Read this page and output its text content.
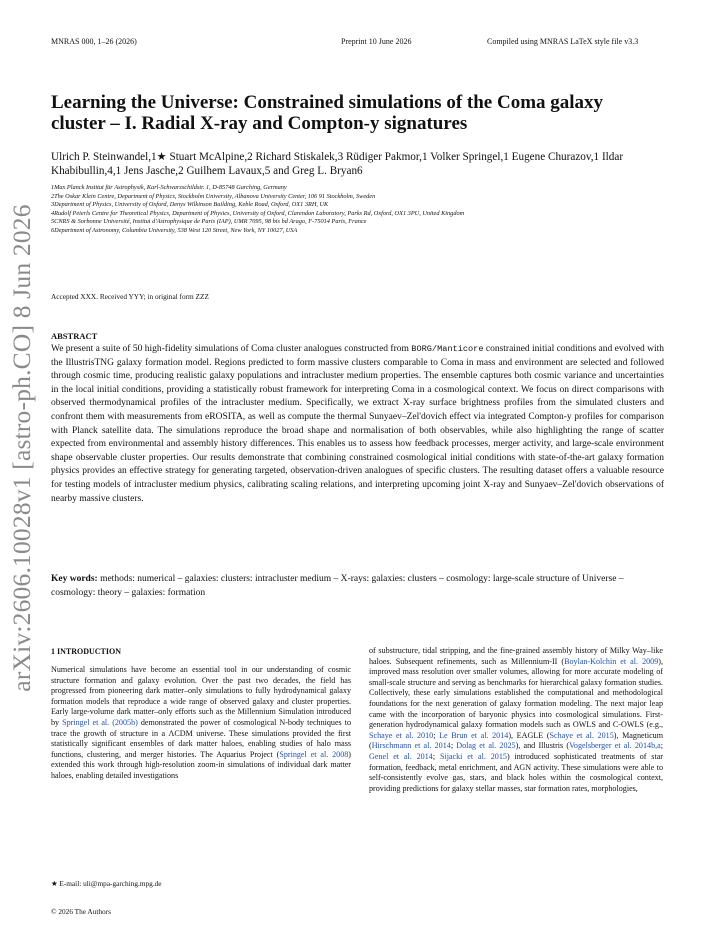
arXiv:2606.10028v1 [astro-ph.CO] 8 Jun 2026
MNRAS 000, 1–26 (2026)	Preprint 10 June 2026	Compiled using MNRAS LaTeX style file v3.3
Learning the Universe: Constrained simulations of the Coma galaxy cluster – I. Radial X-ray and Compton-y signatures
Ulrich P. Steinwandel,1★ Stuart McAlpine,2 Richard Stiskalek,3 Rüdiger Pakmor,1 Volker Springel,1 Eugene Churazov,1 Ildar Khabibullin,4,1 Jens Jasche,2 Guilhem Lavaux,5 and Greg L. Bryan6
1Max Planck Institut für Astrophysik, Karl-Schwarzschildstr. 1, D-85748 Garching, Germany
2The Oskar Klein Centre, Department of Physics, Stockholm University, Albanova University Center, 106 91 Stockholm, Sweden
3Department of Physics, University of Oxford, Denys Wilkinson Building, Keble Road, Oxford, OX1 3RH, UK
4Rudolf Peierls Centre for Theoretical Physics, Department of Physics, University of Oxford, Clarendon Laboratory, Parks Rd, Oxford, OX1 3PU, United Kingdom
5CNRS & Sorbonne Université, Institut d'Astrophysique de Paris (IAP), UMR 7095, 98 bis bd Arago, F-75014 Paris, France
6Department of Astronomy, Columbia University, 538 West 120 Street, New York, NY 10027, USA
Accepted XXX. Received YYY; in original form ZZZ
ABSTRACT
We present a suite of 50 high-fidelity simulations of Coma cluster analogues constructed from BORG/Manticore constrained initial conditions and evolved with the IllustrisTNG galaxy formation model. Regions predicted to form massive clusters comparable to Coma in mass and environment are selected and followed through cosmic time, producing realistic galaxy populations and intracluster medium properties. The ensemble captures both cosmic variance and uncertainties in the local initial conditions, providing a statistically robust framework for interpreting Coma in a cosmological context. We focus on direct comparisons with observed thermodynamical profiles of the intracluster medium. Specifically, we extract X-ray surface brightness profiles from the simulated clusters and confront them with measurements from eROSITA, as well as compute the thermal Sunyaev–Zel'dovich effect via integrated Compton-y profiles for comparison with Planck satellite data. The simulations reproduce the broad shape and normalisation of both observables, while also highlighting the range of scatter expected from environmental and assembly history differences. This enables us to assess how feedback processes, merger activity, and large-scale environment shape observable cluster properties. Our results demonstrate that combining constrained cosmological initial conditions with state-of-the-art galaxy formation physics provides an effective strategy for generating targeted, observation-driven analogues of specific clusters. The resulting dataset offers a valuable resource for testing models of intracluster medium physics, calibrating scaling relations, and interpreting upcoming joint X-ray and Sunyaev–Zel'dovich observations of nearby massive clusters.
Key words: methods: numerical – galaxies: clusters: intracluster medium – X-rays: galaxies: clusters – cosmology: large-scale structure of Universe – cosmology: theory – galaxies: formation
1 INTRODUCTION
Numerical simulations have become an essential tool in our understanding of cosmic structure formation and galaxy evolution. Over the past two decades, the field has progressed from pioneering dark matter–only simulations to fully hydrodynamical galaxy formation models that reproduce a wide range of observed galaxy and cluster properties. Early large-volume dark matter–only efforts such as the Millennium Simulation introduced by Springel et al. (2005b) demonstrated the power of cosmological N-body techniques to trace the growth of structure in a ΛCDM universe. These simulations provided the first statistically significant ensembles of dark matter haloes, enabling studies of halo mass functions, clustering, and merger histories. The Aquarius Project (Springel et al. 2008) extended this work through high-resolution zoom-in simulations of individual dark matter haloes, enabling detailed investigations
of substructure, tidal stripping, and the fine-grained assembly history of Milky Way–like haloes. Subsequent refinements, such as Millennium-II (Boylan-Kolchin et al. 2009), improved mass resolution over smaller volumes, allowing for more accurate modeling of small-scale structure and serving as benchmarks for hierarchical galaxy formation studies. Collectively, these early simulations established the computational and methodological foundations for the next generation of galaxy formation modeling. The next major leap came with the incorporation of baryonic physics into cosmological simulations. First-generation hydrodynamical galaxy formation models such as OWLS and C-OWLS (e.g., Schaye et al. 2010; Le Brun et al. 2014), EAGLE (Schaye et al. 2015), Magneticum (Hirschmann et al. 2014; Dolag et al. 2025), and Illustris (Vogelsberger et al. 2014b,a; Genel et al. 2014; Sijacki et al. 2015) introduced sophisticated treatments of star formation, feedback, metal enrichment, and AGN activity. These simulations were able to self-consistently evolve gas, stars, and black holes within the cosmological context, providing predictions for galaxy stellar masses, star formation rates, morphologies,
★ E-mail: uli@mpa-garching.mpg.de
© 2026 The Authors
